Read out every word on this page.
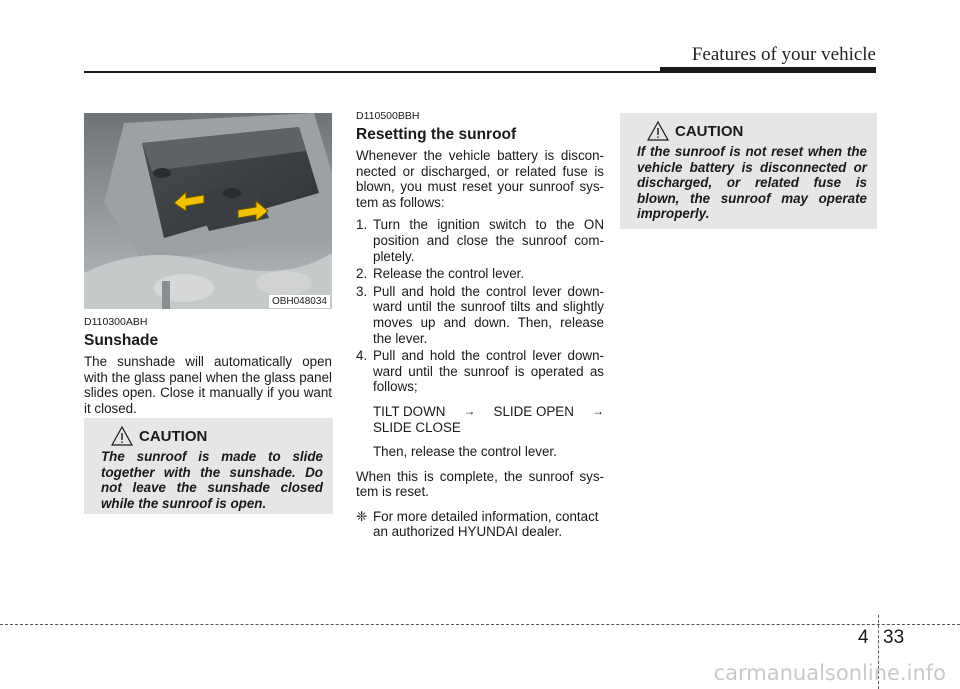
Features of your vehicle
OBH048034
D110300ABH
Sunshade
The sunshade will automatically open with the glass panel when the glass panel slides open. Close it manually if you want it closed.
CAUTION
The sunroof is made to slide together with the sunshade. Do not leave the sunshade closed while the sunroof is open.
D110500BBH
Resetting the sunroof
Whenever the vehicle battery is discon-nected or discharged, or related fuse is blown, you must reset your sunroof sys-tem as follows:
1. Turn the ignition switch to the ON position and close the sunroof com-pletely.
2. Release the control lever.
3. Pull and hold the control lever down-ward until the sunroof tilts and slightly moves up and down. Then, release the lever.
4. Pull and hold the control lever down-ward until the sunroof is operated as follows;
TILT DOWN → SLIDE OPEN →
SLIDE CLOSE
Then, release the control lever.
When this is complete, the sunroof sys-tem is reset.
❈ For more detailed information, contact an authorized HYUNDAI dealer.
CAUTION
If the sunroof is not reset when the vehicle battery is disconnected or discharged, or related fuse is blown, the sunroof may operate improperly.
4 33
carmanualsonline.info
